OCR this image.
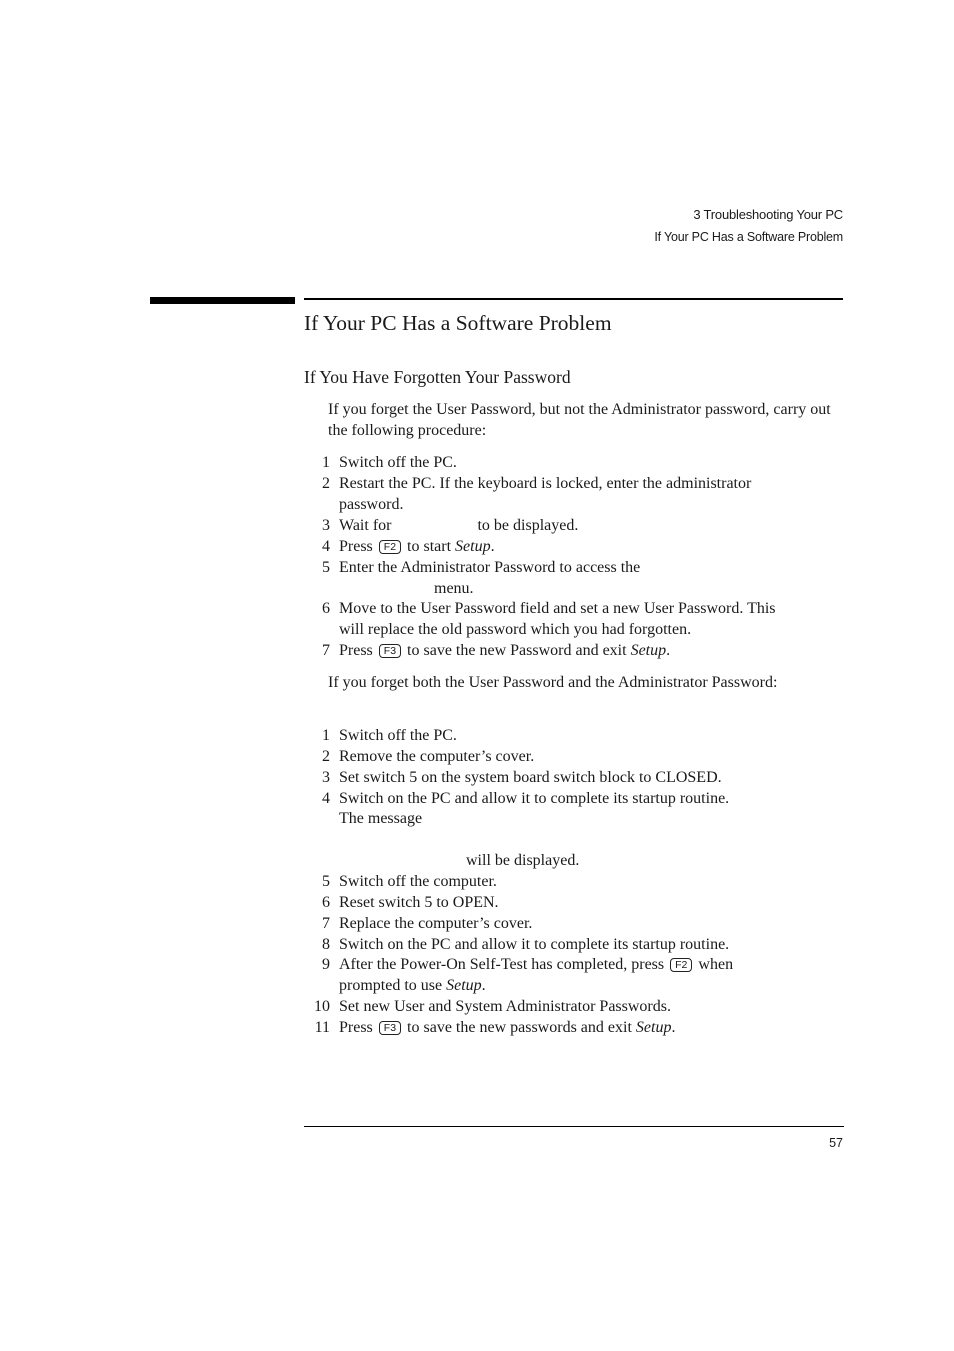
3 Troubleshooting Your PC
If Your PC Has a Software Problem
If Your PC Has a Software Problem
If You Have Forgotten Your Password

If you forget the User Password, but not the Administrator password, carry out the following procedure:

1 Switch off the PC.
2 Restart the PC. If the keyboard is locked, enter the administrator
password.
3 Wait for	to be displayed.
4 Press F2 to start Setup.
5 Enter the Administrator Password to access the
menu.
6 Move to the User Password field and set a new User Password. This
will replace the old password which you had forgotten.
7 Press F3 to save the new Password and exit Setup.

If you forget both the User Password and the Administrator Password:

1 Switch off the PC.
2 Remove the computer’s cover.
3 Set switch 5 on the system board switch block to CLOSED.
4 Switch on the PC and allow it to complete its startup routine.
The message
will be displayed.
5 Switch off the computer.
6 Reset switch 5 to OPEN.
7 Replace the computer’s cover.
8 Switch on the PC and allow it to complete its startup routine.
9 After the Power-On Self-Test has completed, press F2 when
prompted to use Setup.
10 Set new User and System Administrator Passwords.
11 Press F3 to save the new passwords and exit Setup.
57
